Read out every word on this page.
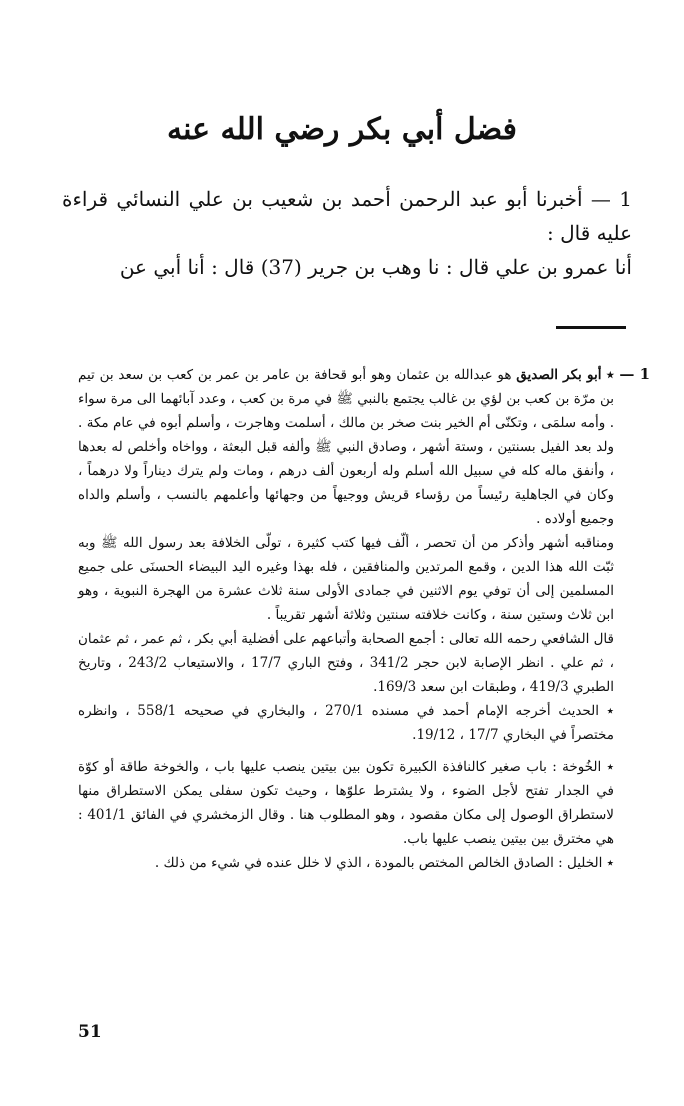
فضل أبي بكر رضي الله عنه

1 — أخبرنا أبو عبد الرحمن أحمد بن شعيب بن علي النسائي قراءة عليه قال :

أنا عمرو بن علي قال : نا وهب بن جرير (37) قال : أنا أبي عن

1 —

٭ أبو بكر الصديق هو عبدالله بن عثمان وهو أبو قحافة بن عامر بن عمر بن كعب بن سعد بن تيم بن مرّة بن كعب بن لؤي بن غالب يجتمع بالنبي ﷺ في مرة بن كعب ، وعدد آبائهما الى مرة سواء . وأمه سلمَى ، وتكنّى أم الخير بنت صخر بن مالك ، أسلمت وهاجرت ، وأسلم أبوه في عام مكة . ولد بعد الفيل بسنتين ، وستة أشهر ، وصادق النبي ﷺ وألفه قبل البعثة ، وواخاه وأخلص له بعدها ، وأنفق ماله كله في سبيل الله أسلم وله أربعون ألف درهم ، ومات ولم يترك ديناراً ولا درهماً ، وكان في الجاهلية رئيساً من رؤساء قريش ووجيهاً من وجهائها وأعلمهم بالنسب ، وأسلم والداه وجميع أولاده .

ومناقبه أشهر وأذكر من أن تحصر ، ألّف فيها كتب كثيرة ، تولّى الخلافة بعد رسول الله ﷺ وبه ثبّت الله هذا الدين ، وقمع المرتدين والمنافقين ، فله بهذا وغيره اليد البيضاء الحسنَى على جميع المسلمين إلى أن توفي يوم الاثنين في جمادى الأولى سنة ثلاث عشرة من الهجرة النبوية ، وهو ابن ثلاث وستين سنة ، وكانت خلافته سنتين وثلاثة أشهر تقريباً .

قال الشافعي رحمه الله تعالى : أجمع الصحابة وأتباعهم على أفضلية أبي بكر ، ثم عمر ، ثم عثمان ، ثم علي . انظر الإصابة لابن حجر 341/2 ، وفتح الباري 17/7 ، والاستيعاب 243/2 ، وتاريخ الطبري 419/3 ، وطبقات ابن سعد 169/3.

٭ الحديث أخرجه الإمام أحمد في مسنده 270/1 ، والبخاري في صحيحه 558/1 ، وانظره مختصراً في البخاري 17/7 ، 19/12.

٭ الخُوخة : باب صغير كالنافذة الكبيرة تكون بين بيتين ينصب عليها باب ، والخوخة طاقة أو كوّة في الجدار تفتح لأجل الضوء ، ولا يشترط علوّها ، وحيث تكون سفلى يمكن الاستطراق منها لاستطراق الوصول إلى مكان مقصود ، وهو المطلوب هنا . وقال الزمخشري في الفائق 401/1 : هي مخترق بين بيتين ينصب عليها باب.

٭ الخليل : الصادق الخالص المختص بالمودة ، الذي لا خلل عنده في شيء من ذلك .

51
